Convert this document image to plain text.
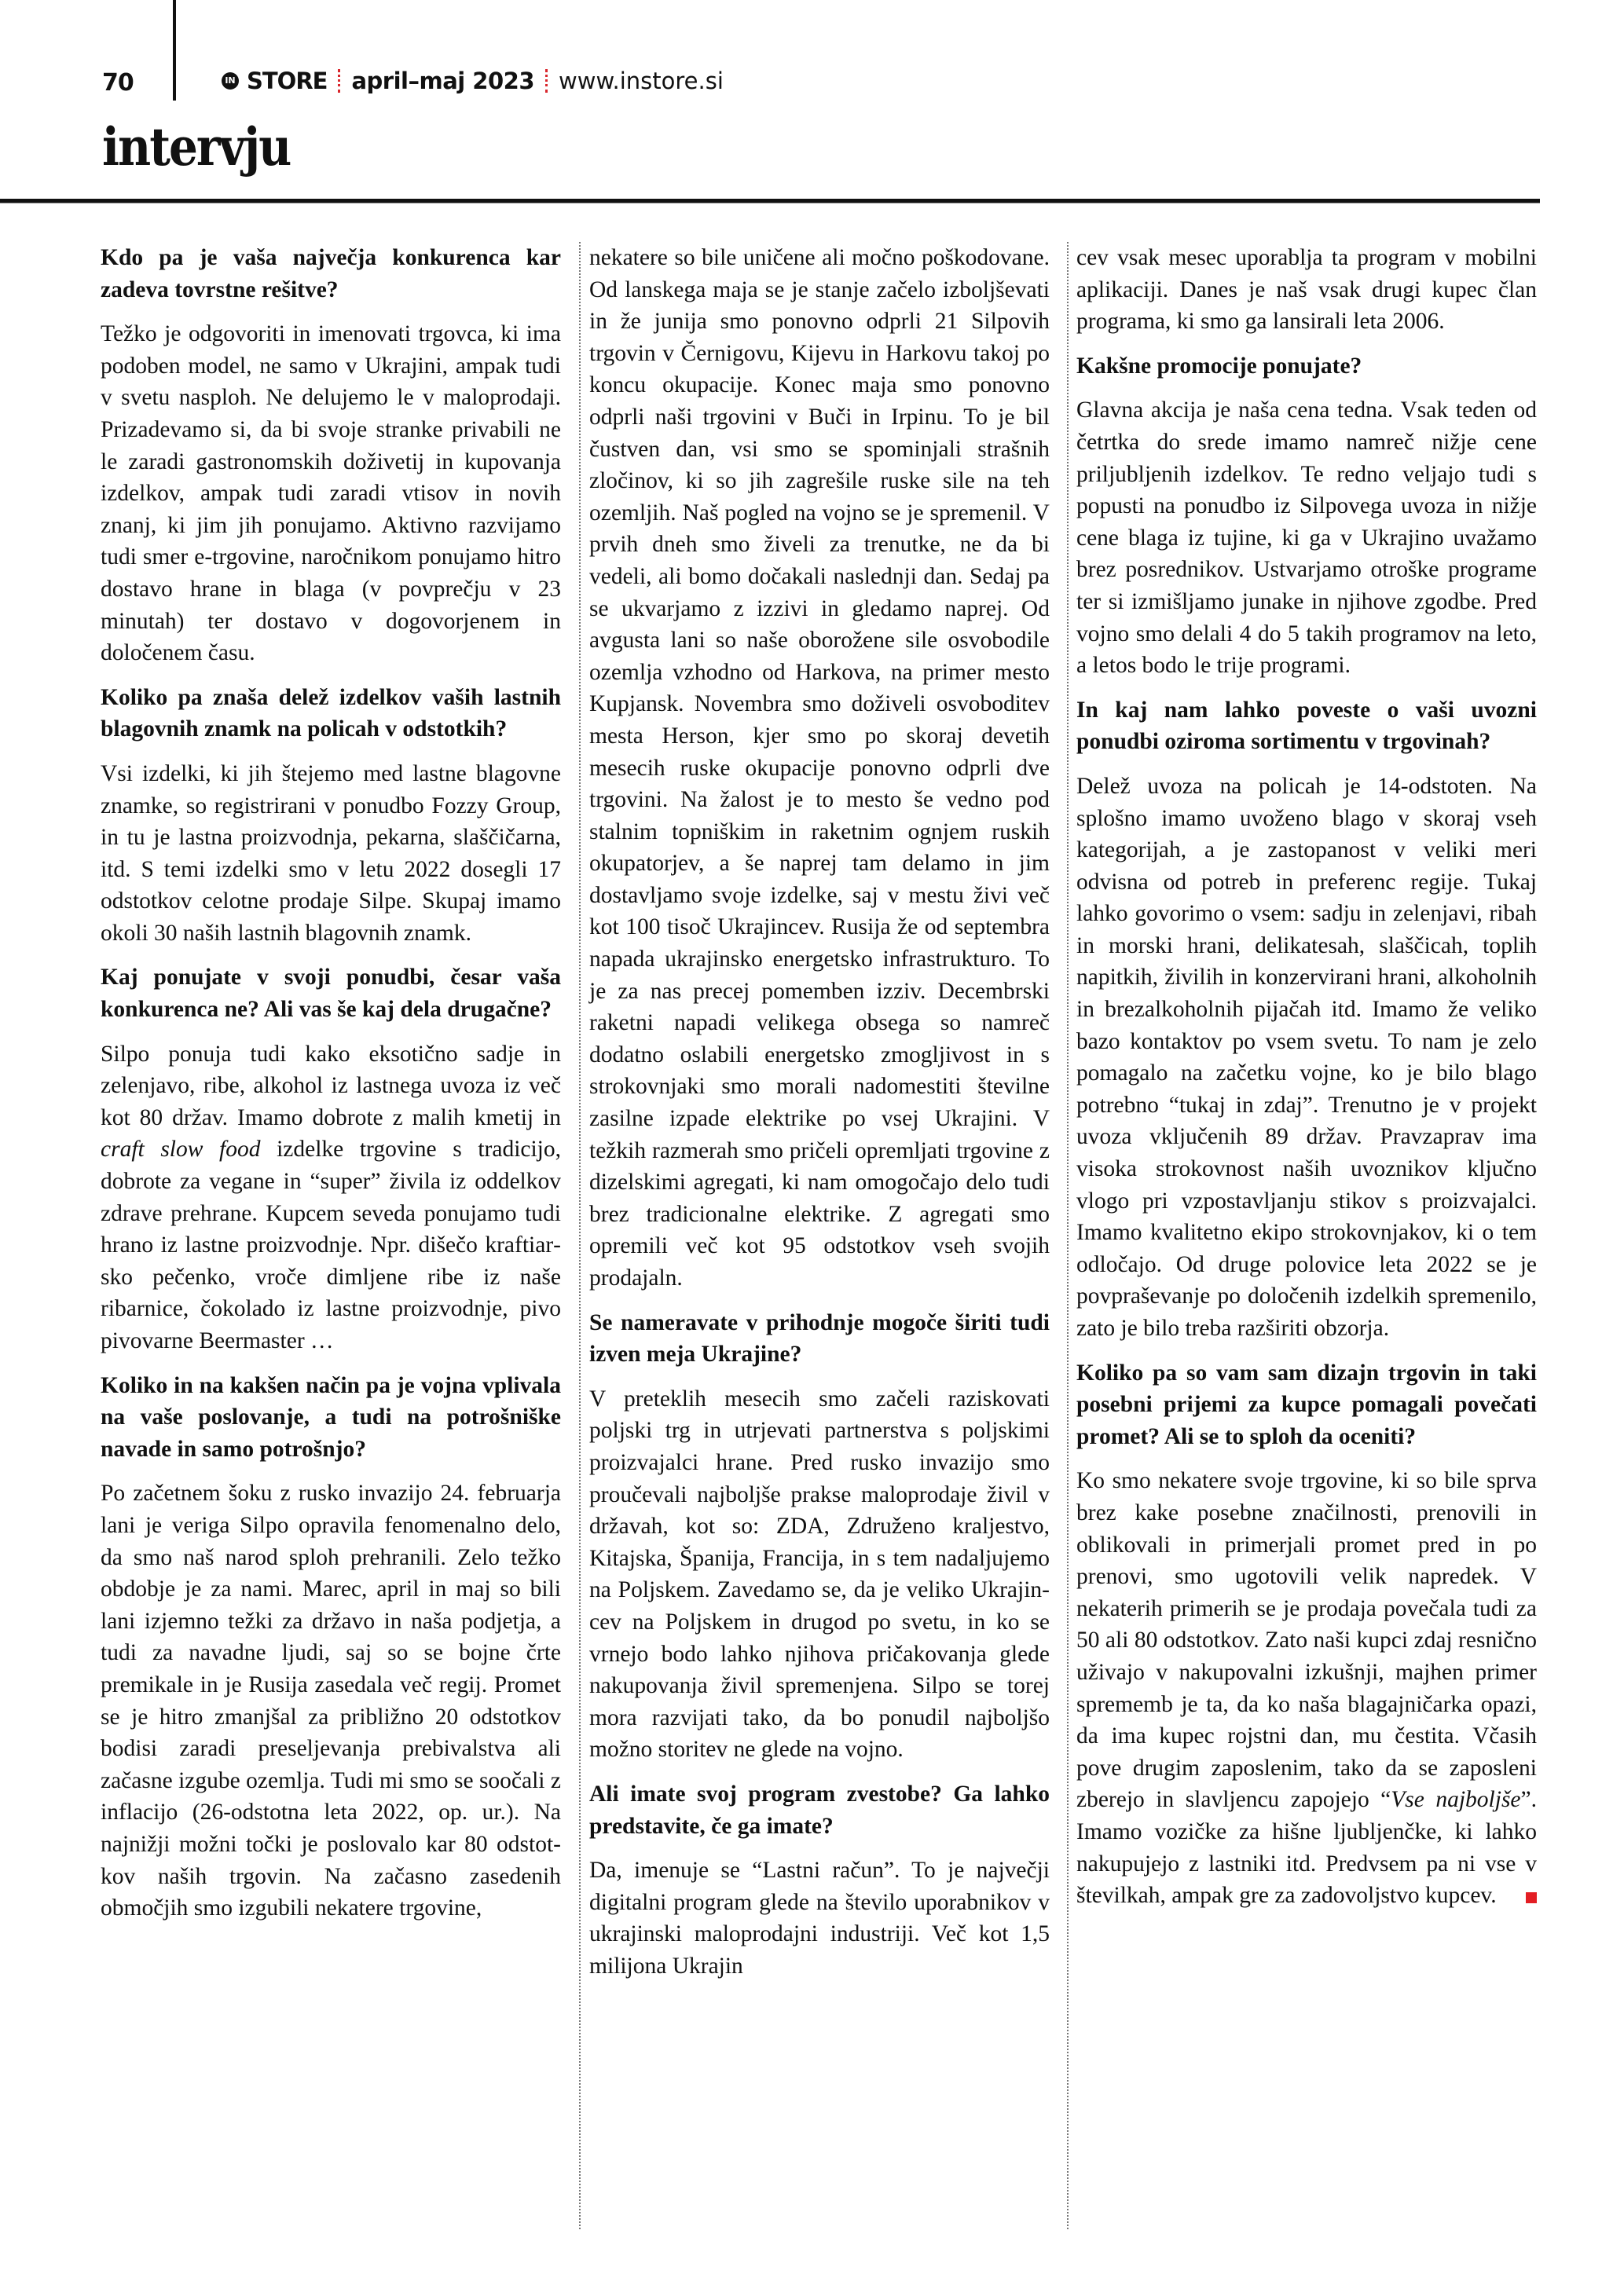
70	IN STORE april–maj 2023 www.instore.si
intervju

Kdo pa je vaša največja konkurenca kar zadeva tovrstne rešitve?

Težko je odgovoriti in imenovati trgovca, ki ima podoben model, ne samo v Ukrajini, ampak tudi v svetu nasploh. Ne delujemo le v maloprodaji. Prizadevamo si, da bi svoje stranke privabili ne le zaradi gastronomskih doživetij in kupovanja izdelkov, ampak tudi zaradi vtisov in novih znanj, ki jim jih ponujamo. Aktivno razvijamo tudi smer e-trgovine, naročnikom ponujamo hitro dostavo hrane in blaga (v povprečju v 23 minutah) ter dostavo v dogovorjenem in določenem času.

Koliko pa znaša delež izdelkov vaših lastnih blagovnih znamk na policah v odstotkih?

Vsi izdelki, ki jih štejemo med lastne blagovne znamke, so registrirani v ponudbo Fozzy Group, in tu je lastna proizvodnja, pekarna, slaščičarna, itd. S temi izdelki smo v letu 2022 dosegli 17 odstotkov celotne prodaje Silpe. Skupaj imamo okoli 30 naših lastnih blagovnih znamk.

Kaj ponujate v svoji ponudbi, česar vaša konkurenca ne? Ali vas še kaj dela drugačne?

Silpo ponuja tudi kako eksotično sadje in zelenjavo, ribe, alkohol iz lastnega uvoza iz več kot 80 držav. Imamo dobrote z malih kmetij in craft slow food izdelke trgovine s tradicijo, dobrote za vegane in “super” živila iz oddelkov zdrave prehrane. Kupcem seveda ponujamo tudi hrano iz lastne proizvodnje. Npr. dišečo kraftiarsko pečenko, vroče dimljene ribe iz naše ribarnice, čokolado iz lastne proizvodnje, pivo pivovarne Beermaster …

Koliko in na kakšen način pa je vojna vplivala na vaše poslovanje, a tudi na potrošniške navade in samo potrošnjo?

Po začetnem šoku z rusko invazijo 24. februarja lani je veriga Silpo opravila fenomenalno delo, da smo naš narod sploh prehranili. Zelo težko obdobje je za nami. Marec, april in maj so bili lani izjemno težki za državo in naša podjetja, a tudi za navadne ljudi, saj so se bojne črte premikale in je Rusija zasedala več regij. Promet se je hitro zmanjšal za približno 20 odstotkov bodisi zaradi preseljevanja prebivalstva ali začasne izgube ozemlja. Tudi mi smo se soočali z inflacijo (26-odstotna leta 2022, op. ur.). Na najnižji možni točki je poslovalo kar 80 odstotkov naših trgovin. Na začasno zasedenih območjih smo izgubili nekatere trgovine,

nekatere so bile uničene ali močno poškodovane. Od lanskega maja se je stanje začelo izboljševati in že junija smo ponovno odprli 21 Silpovih trgovin v Černigovu, Kijevu in Harkovu takoj po koncu okupacije. Konec maja smo ponovno odprli naši trgovini v Buči in Irpinu. To je bil čustven dan, vsi smo se spominjali strašnih zločinov, ki so jih zagrešile ruske sile na teh ozemljih. Naš pogled na vojno se je spremenil. V prvih dneh smo živeli za trenutke, ne da bi vedeli, ali bomo dočakali naslednji dan. Sedaj pa se ukvarjamo z izzivi in gledamo naprej. Od avgusta lani so naše oborožene sile osvobodile ozemlja vzhodno od Harkova, na primer mesto Kupjansk. Novembra smo doživeli osvoboditev mesta Herson, kjer smo po skoraj devetih mesecih ruske okupacije ponovno odprli dve trgovini. Na žalost je to mesto še vedno pod stalnim topniškim in raketnim ognjem ruskih okupatorjev, a še naprej tam delamo in jim dostavljamo svoje izdelke, saj v mestu živi več kot 100 tisoč Ukrajincev. Rusija že od septembra napada ukrajinsko energetsko infrastrukturo. To je za nas precej pomemben izziv. Decembrski raketni napadi velikega obsega so namreč dodatno oslabili energetsko zmogljivost in s strokovnjaki smo morali nadomestiti številne zasilne izpade elektrike po vsej Ukrajini. V težkih razmerah smo pričeli opremljati trgovine z dizelskimi agregati, ki nam omogočajo delo tudi brez tradicionalne elektrike. Z agregati smo opremili več kot 95 odstotkov vseh svojih prodajaln.

Se nameravate v prihodnje mogoče širiti tudi izven meja Ukrajine?

V preteklih mesecih smo začeli raziskovati poljski trg in utrjevati partnerstva s poljskimi proizvajalci hrane. Pred rusko invazijo smo proučevali najboljše prakse maloprodaje živil v državah, kot so: ZDA, Združeno kraljestvo, Kitajska, Španija, Francija, in s tem nadaljujemo na Poljskem. Zavedamo se, da je veliko Ukrajincev na Poljskem in drugod po svetu, in ko se vrnejo bodo lahko njihova pričakovanja glede nakupovanja živil spremenjena. Silpo se torej mora razvijati tako, da bo ponudil najboljšo možno storitev ne glede na vojno.

Ali imate svoj program zvestobe? Ga lahko predstavite, če ga imate?

Da, imenuje se “Lastni račun”. To je največji digitalni program glede na število uporabnikov v ukrajinski maloprodajni industriji. Več kot 1,5 milijona Ukrajin

cev vsak mesec uporablja ta program v mobilni aplikaciji. Danes je naš vsak drugi kupec član programa, ki smo ga lansirali leta 2006.

Kakšne promocije ponujate?

Glavna akcija je naša cena tedna. Vsak teden od četrtka do srede imamo namreč nižje cene priljubljenih izdelkov. Te redno veljajo tudi s popusti na ponudbo iz Silpovega uvoza in nižje cene blaga iz tujine, ki ga v Ukrajino uvažamo brez posrednikov. Ustvarjamo otroške programe ter si izmišljamo junake in njihove zgodbe. Pred vojno smo delali 4 do 5 takih programov na leto, a letos bodo le trije programi.

In kaj nam lahko poveste o vaši uvozni ponudbi oziroma sortimentu v trgovinah?

Delež uvoza na policah je 14-odstoten. Na splošno imamo uvoženo blago v skoraj vseh kategorijah, a je zastopanost v veliki meri odvisna od potreb in preferenc regije. Tukaj lahko govorimo o vsem: sadju in zelenjavi, ribah in morski hrani, delikatesah, slaščicah, toplih napitkih, živilih in konzervirani hrani, alkoholnih in brezalkoholnih pijačah itd. Imamo že veliko bazo kontaktov po vsem svetu. To nam je zelo pomagalo na začetku vojne, ko je bilo blago potrebno “tukaj in zdaj”. Trenutno je v projekt uvoza vključenih 89 držav. Pravzaprav ima visoka strokovnost naših uvoznikov ključno vlogo pri vzpostavljanju stikov s proizvajalci. Imamo kvalitetno ekipo strokovnjakov, ki o tem odločajo. Od druge polovice leta 2022 se je povpraševanje po določenih izdelkih spremenilo, zato je bilo treba razširiti obzorja.

Koliko pa so vam sam dizajn trgovin in taki posebni prijemi za kupce pomagali povečati promet? Ali se to sploh da oceniti?

Ko smo nekatere svoje trgovine, ki so bile sprva brez kake posebne značilnosti, prenovili in oblikovali in primerjali promet pred in po prenovi, smo ugotovili velik napredek. V nekaterih primerih se je prodaja povečala tudi za 50 ali 80 odstotkov. Zato naši kupci zdaj resnično uživajo v nakupovalni izkušnji, majhen primer sprememb je ta, da ko naša blagajničarka opazi, da ima kupec rojstni dan, mu čestita. Včasih pove drugim zaposlenim, tako da se zaposleni zberejo in slavljencu zapojejo “Vse najboljše”. Imamo vozičke za hišne ljubljenčke, ki lahko nakupujejo z lastniki itd. Predvsem pa ni vse v številkah, ampak gre za zadovoljstvo kupcev.
